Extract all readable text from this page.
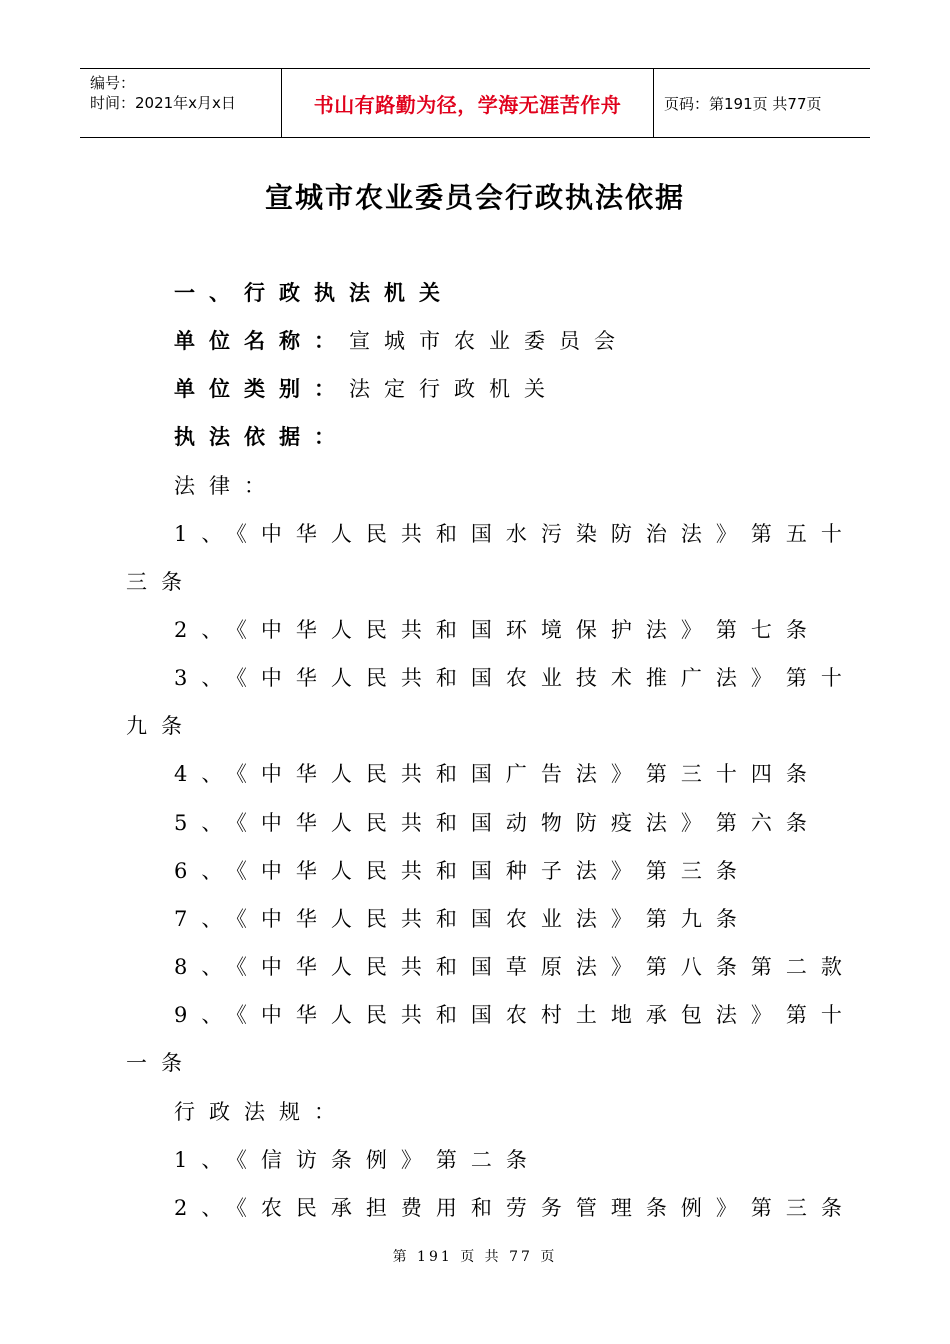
编号：
时间：2021年x月x日	书山有路勤为径，学海无涯苦作舟	页码：第191页 共77页
宣城市农业委员会行政执法依据
一、行政执法机关
单位名称：宣城市农业委员会
单位类别：法定行政机关
执法依据：
法律：
1、《中华人民共和国水污染防治法》第五十
三条
2、《中华人民共和国环境保护法》第七条
3、《中华人民共和国农业技术推广法》第十
九条
4、《中华人民共和国广告法》第三十四条
5、《中华人民共和国动物防疫法》第六条
6、《中华人民共和国种子法》第三条
7、《中华人民共和国农业法》第九条
8、《中华人民共和国草原法》第八条第二款
9、《中华人民共和国农村土地承包法》第十
一条
行政法规：
1、《信访条例》第二条
2、《农民承担费用和劳务管理条例》第三条
第 191 页 共 77 页
